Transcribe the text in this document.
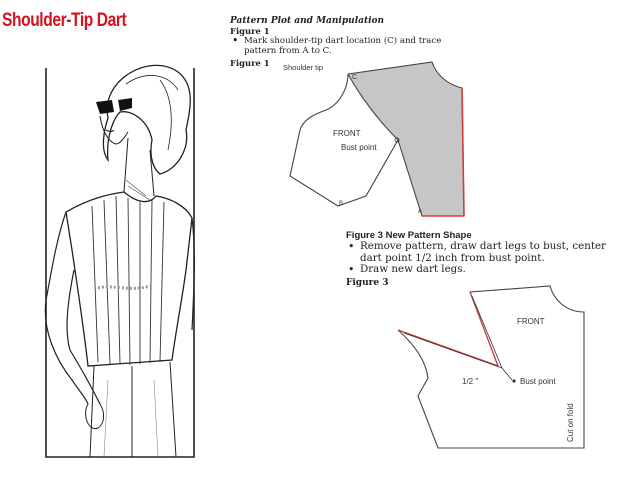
Shoulder-Tip Dart	Pattern Plot and Manipulation
Figure 1
• Mark shoulder-tip dart location (C) and trace
pattern from A to C.
Figure 1	Shoulder tip
C
FRONT
Bust point
B
A
Figure 3 New Pattern Shape
• Remove pattern, draw dart legs to bust, center
dart point 1/2 inch from bust point.
• Draw new dart legs.
Figure 3
FRONT
1/2 "	Bust point
Cut on fold
